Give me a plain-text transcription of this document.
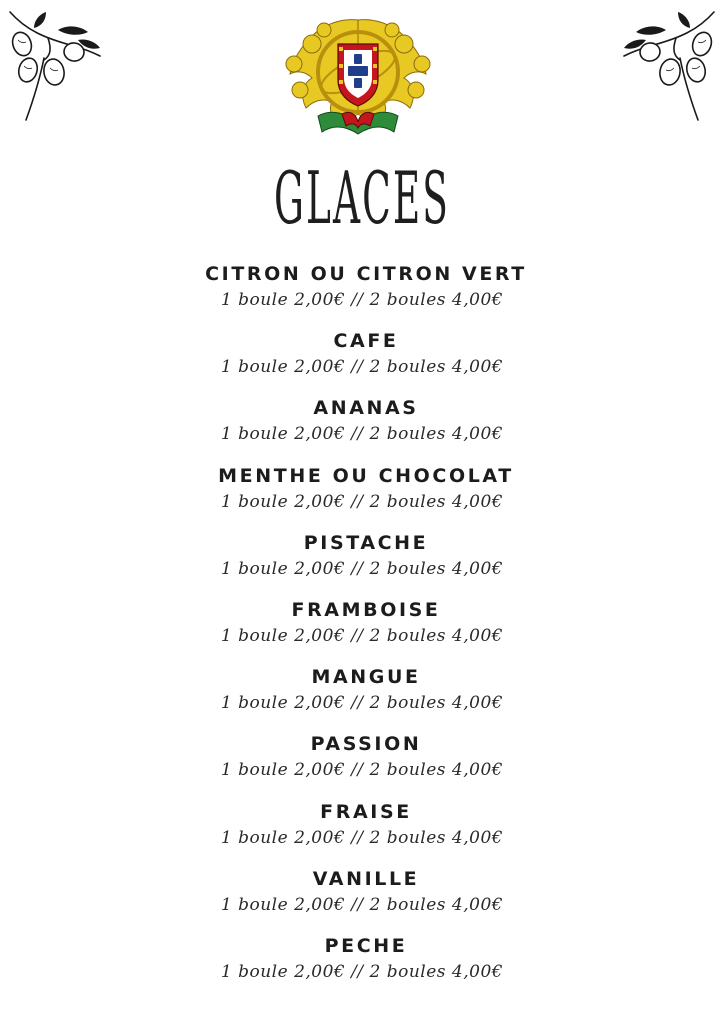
GLACES
CITRON OU CITRON VERT
1 boule 2,00€ // 2 boules 4,00€
CAFE
1 boule 2,00€ // 2 boules 4,00€
ANANAS
1 boule 2,00€ // 2 boules 4,00€
MENTHE OU CHOCOLAT
1 boule 2,00€ // 2 boules 4,00€
PISTACHE
1 boule 2,00€ // 2 boules 4,00€
FRAMBOISE
1 boule 2,00€ // 2 boules 4,00€
MANGUE
1 boule 2,00€ // 2 boules 4,00€
PASSION
1 boule 2,00€ // 2 boules 4,00€
FRAISE
1 boule 2,00€ // 2 boules 4,00€
VANILLE
1 boule 2,00€ // 2 boules 4,00€
PECHE
1 boule 2,00€ // 2 boules 4,00€
